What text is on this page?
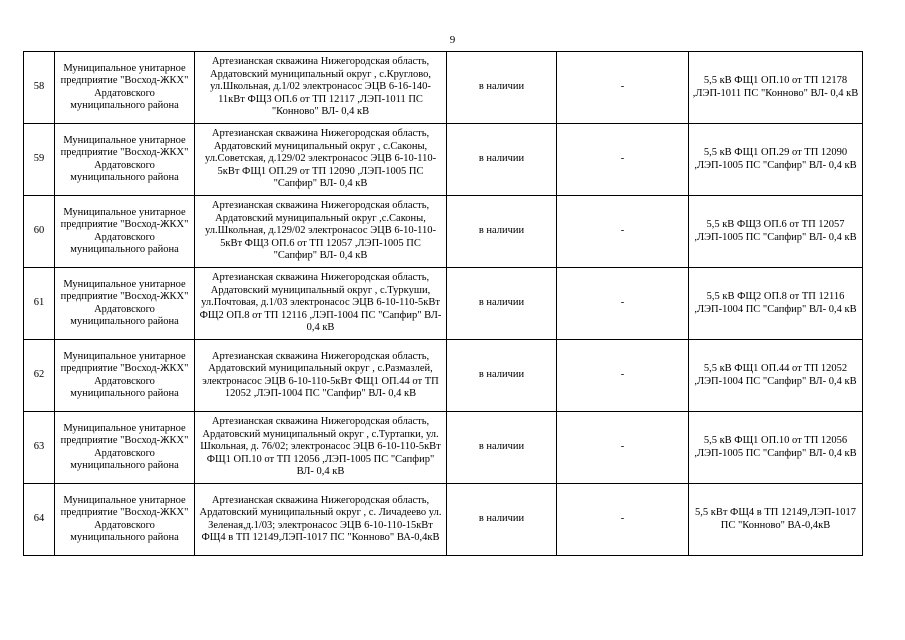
9
58	Муниципальное унитарное предприятие "Восход-ЖКХ" Ардатовского муниципального района	Артезианская скважина Нижегородская область, Ардатовский муниципальный округ , с.Круглово, ул.Школьная, д.1/02 электронасос ЭЦВ 6-16-140-11кВт ФЩ3 ОП.6 от ТП 12117 ,ЛЭП-1011 ПС "Конново" ВЛ- 0,4 кВ	в наличии	-	5,5 кВ ФЩ1 ОП.10 от ТП 12178 ,ЛЭП-1011 ПС "Конново" ВЛ- 0,4 кВ
59	Муниципальное унитарное предприятие "Восход-ЖКХ" Ардатовского муниципального района	Артезианская скважина Нижегородская область, Ардатовский муниципальный округ , с.Саконы, ул.Советская, д.129/02 электронасос ЭЦВ 6-10-110-5кВт ФЩ1 ОП.29 от ТП 12090 ,ЛЭП-1005 ПС "Сапфир" ВЛ- 0,4 кВ	в наличии	-	5,5 кВ ФЩ1 ОП.29 от ТП 12090 ,ЛЭП-1005 ПС "Сапфир" ВЛ- 0,4 кВ
60	Муниципальное унитарное предприятие "Восход-ЖКХ" Ардатовского муниципального района	Артезианская скважина Нижегородская область, Ардатовский муниципальный округ ,с.Саконы, ул.Школьная, д.129/02 электронасос ЭЦВ 6-10-110-5кВт ФЩ3 ОП.6 от ТП 12057 ,ЛЭП-1005 ПС "Сапфир" ВЛ- 0,4 кВ	в наличии	-	5,5 кВ ФЩ3 ОП.6 от ТП 12057 ,ЛЭП-1005 ПС "Сапфир" ВЛ- 0,4 кВ
61	Муниципальное унитарное предприятие "Восход-ЖКХ" Ардатовского муниципального района	Артезианская скважина Нижегородская область, Ардатовский муниципальный округ , с.Туркуши, ул.Почтовая, д.1/03 электронасос ЭЦВ 6-10-110-5кВт ФЩ2 ОП.8 от ТП 12116 ,ЛЭП-1004 ПС "Сапфир" ВЛ- 0,4 кВ	в наличии	-	5,5 кВ ФЩ2 ОП.8 от ТП 12116 ,ЛЭП-1004 ПС "Сапфир" ВЛ- 0,4 кВ
62	Муниципальное унитарное предприятие "Восход-ЖКХ" Ардатовского муниципального района	Артезианская скважина Нижегородская область, Ардатовский муниципальный округ , с.Размазлей, электронасос ЭЦВ 6-10-110-5кВт ФЩ1 ОП.44 от ТП 12052 ,ЛЭП-1004 ПС "Сапфир" ВЛ- 0,4 кВ	в наличии	-	5,5 кВ ФЩ1 ОП.44 от ТП 12052 ,ЛЭП-1004 ПС "Сапфир" ВЛ- 0,4 кВ
63	Муниципальное унитарное предприятие "Восход-ЖКХ" Ардатовского муниципального района	Артезианская скважина Нижегородская область, Ардатовский муниципальный округ , с.Туртапки, ул. Школьная, д. 76/02; электронасос ЭЦВ 6-10-110-5кВт ФЩ1 ОП.10 от ТП 12056 ,ЛЭП-1005 ПС "Сапфир" ВЛ- 0,4 кВ	в наличии	-	5,5 кВ ФЩ1 ОП.10 от ТП 12056 ,ЛЭП-1005 ПС "Сапфир" ВЛ- 0,4 кВ
64	Муниципальное унитарное предприятие "Восход-ЖКХ" Ардатовского муниципального района	Артезианская скважина Нижегородская область, Ардатовский муниципальный округ , с. Личадеево ул. Зеленая,д.1/03; электронасос ЭЦВ 6-10-110-15кВт ФЩ4 в ТП 12149,ЛЭП-1017 ПС "Конново" ВА-0,4кВ	в наличии	-	5,5 кВт ФЩ4 в ТП 12149,ЛЭП-1017 ПС "Конново" ВА-0,4кВ
